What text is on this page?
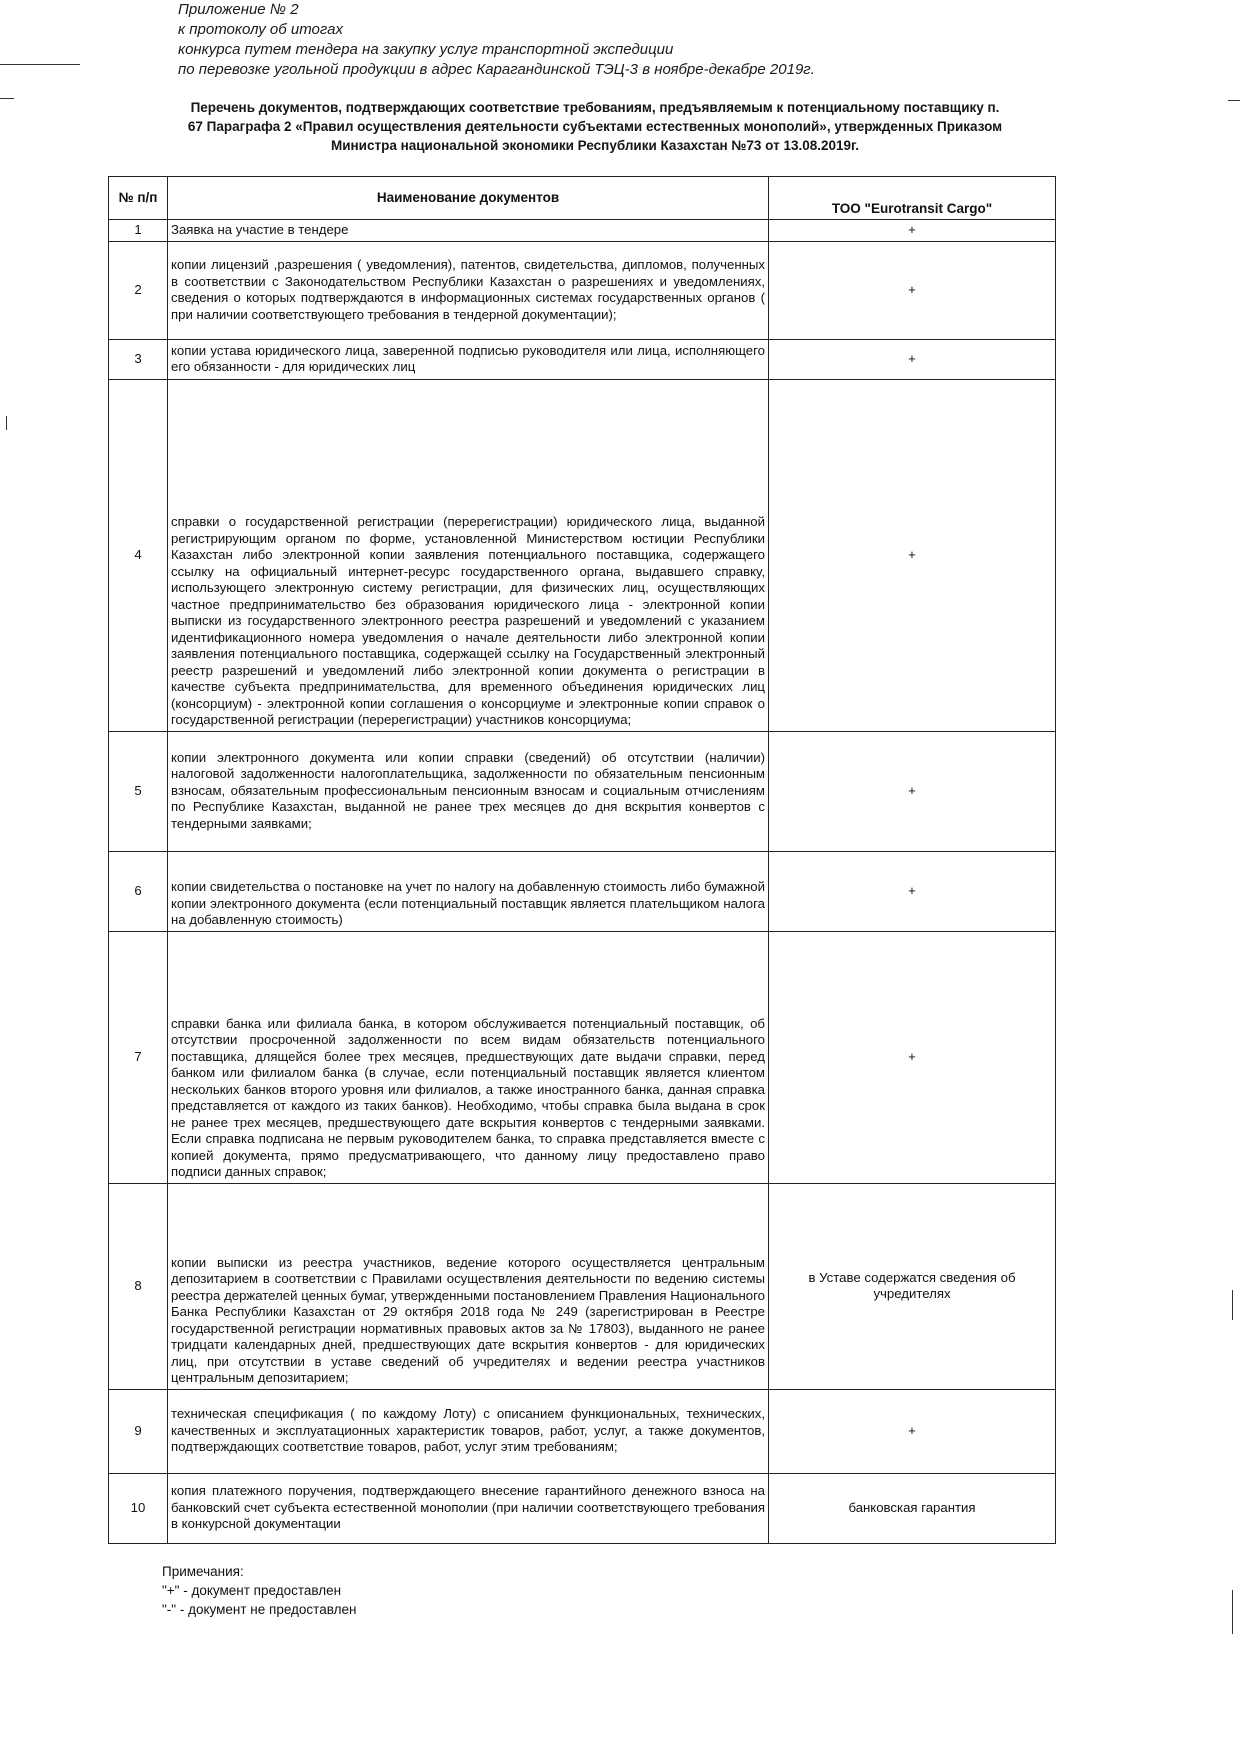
Приложение № 2
к протоколу об итогах
конкурса путем тендера на закупку услуг транспортной экспедиции
по перевозке угольной продукции в адрес Карагандинской ТЭЦ-3 в ноябре-декабре 2019г.
Перечень документов, подтверждающих соответствие требованиям, предъявляемым к потенциальному поставщику п.
67 Параграфа 2 «Правил осуществления деятельности субъектами естественных монополий», утвержденных Приказом
Министра национальной экономики Республики Казахстан №73 от 13.08.2019г.
№ п/п	Наименование документов	ТОО "Eurotransit Cargo"
1	Заявка на участие в тендере	+
2	копии лицензий ,разрешения ( уведомления), патентов, свидетельства, дипломов, полученных в соответствии с Законодательством Республики Казахстан о разрешениях и уведомлениях, сведения о которых подтверждаются в информационных системах государственных органов ( при наличии соответствующего требования в тендерной документации);	+
3	копии устава юридического лица, заверенной подписью руководителя или лица, исполняющего его обязанности - для юридических лиц	+
4	справки о государственной регистрации (перерегистрации) юридического лица, выданной регистрирующим органом по форме, установленной Министерством юстиции Республики Казахстан либо электронной копии заявления потенциального поставщика, содержащего ссылку на официальный интернет-ресурс государственного органа, выдавшего справку, использующего электронную систему регистрации, для физических лиц, осуществляющих частное предпринимательство без образования юридического лица - электронной копии выписки из государственного электронного реестра разрешений и уведомлений с указанием идентификационного номера уведомления о начале деятельности либо электронной копии заявления потенциального поставщика, содержащей ссылку на Государственный электронный реестр разрешений и уведомлений либо электронной копии документа о регистрации в качестве субъекта предпринимательства, для временного объединения юридических лиц (консорциум) - электронной копии соглашения о консорциуме и электронные копии справок о государственной регистрации (перерегистрации) участников консорциума;	+
5	копии электронного документа или копии справки (сведений) об отсутствии (наличии) налоговой задолженности налогоплательщика, задолженности по обязательным пенсионным взносам, обязательным профессиональным пенсионным взносам и социальным отчислениям по Республике Казахстан, выданной не ранее трех месяцев до дня вскрытия конвертов с тендерными заявками;	+
6	копии свидетельства о постановке на учет по налогу на добавленную стоимость либо бумажной копии электронного документа (если потенциальный поставщик является плательщиком налога на добавленную стоимость)	+
7	справки банка или филиала банка, в котором обслуживается потенциальный поставщик, об отсутствии просроченной задолженности по всем видам обязательств потенциального поставщика, длящейся более трех месяцев, предшествующих дате выдачи справки, перед банком или филиалом банка (в случае, если потенциальный поставщик является клиентом нескольких банков второго уровня или филиалов, а также иностранного банка, данная справка представляется от каждого из таких банков). Необходимо, чтобы справка была выдана в срок не ранее трех месяцев, предшествующего дате вскрытия конвертов с тендерными заявками. Если справка подписана не первым руководителем банка, то справка представляется вместе с копией документа, прямо предусматривающего, что данному лицу предоставлено право подписи данных справок;	+
8	копии выписки из реестра участников, ведение которого осуществляется центральным депозитарием в соответствии с Правилами осуществления деятельности по ведению системы реестра держателей ценных бумаг, утвержденными постановлением Правления Национального Банка Республики Казахстан от 29 октября 2018 года № 249 (зарегистрирован в Реестре государственной регистрации нормативных правовых актов за № 17803), выданного не ранее тридцати календарных дней, предшествующих дате вскрытия конвертов - для юридических лиц, при отсутствии в уставе сведений об учредителях и ведении реестра участников центральным депозитарием;	в Уставе содержатся сведения об учредителях
9	техническая спецификация ( по каждому Лоту) с описанием функциональных, технических, качественных и эксплуатационных характеристик товаров, работ, услуг, а также документов, подтверждающих соответствие товаров, работ, услуг этим требованиям;	+
10	копия платежного поручения, подтверждающего внесение гарантийного денежного взноса на банковский счет субъекта естественной монополии (при наличии соответствующего требования в конкурсной документации	банковская гарантия
Примечания:
"+" - документ предоставлен
"-" - документ не предоставлен
